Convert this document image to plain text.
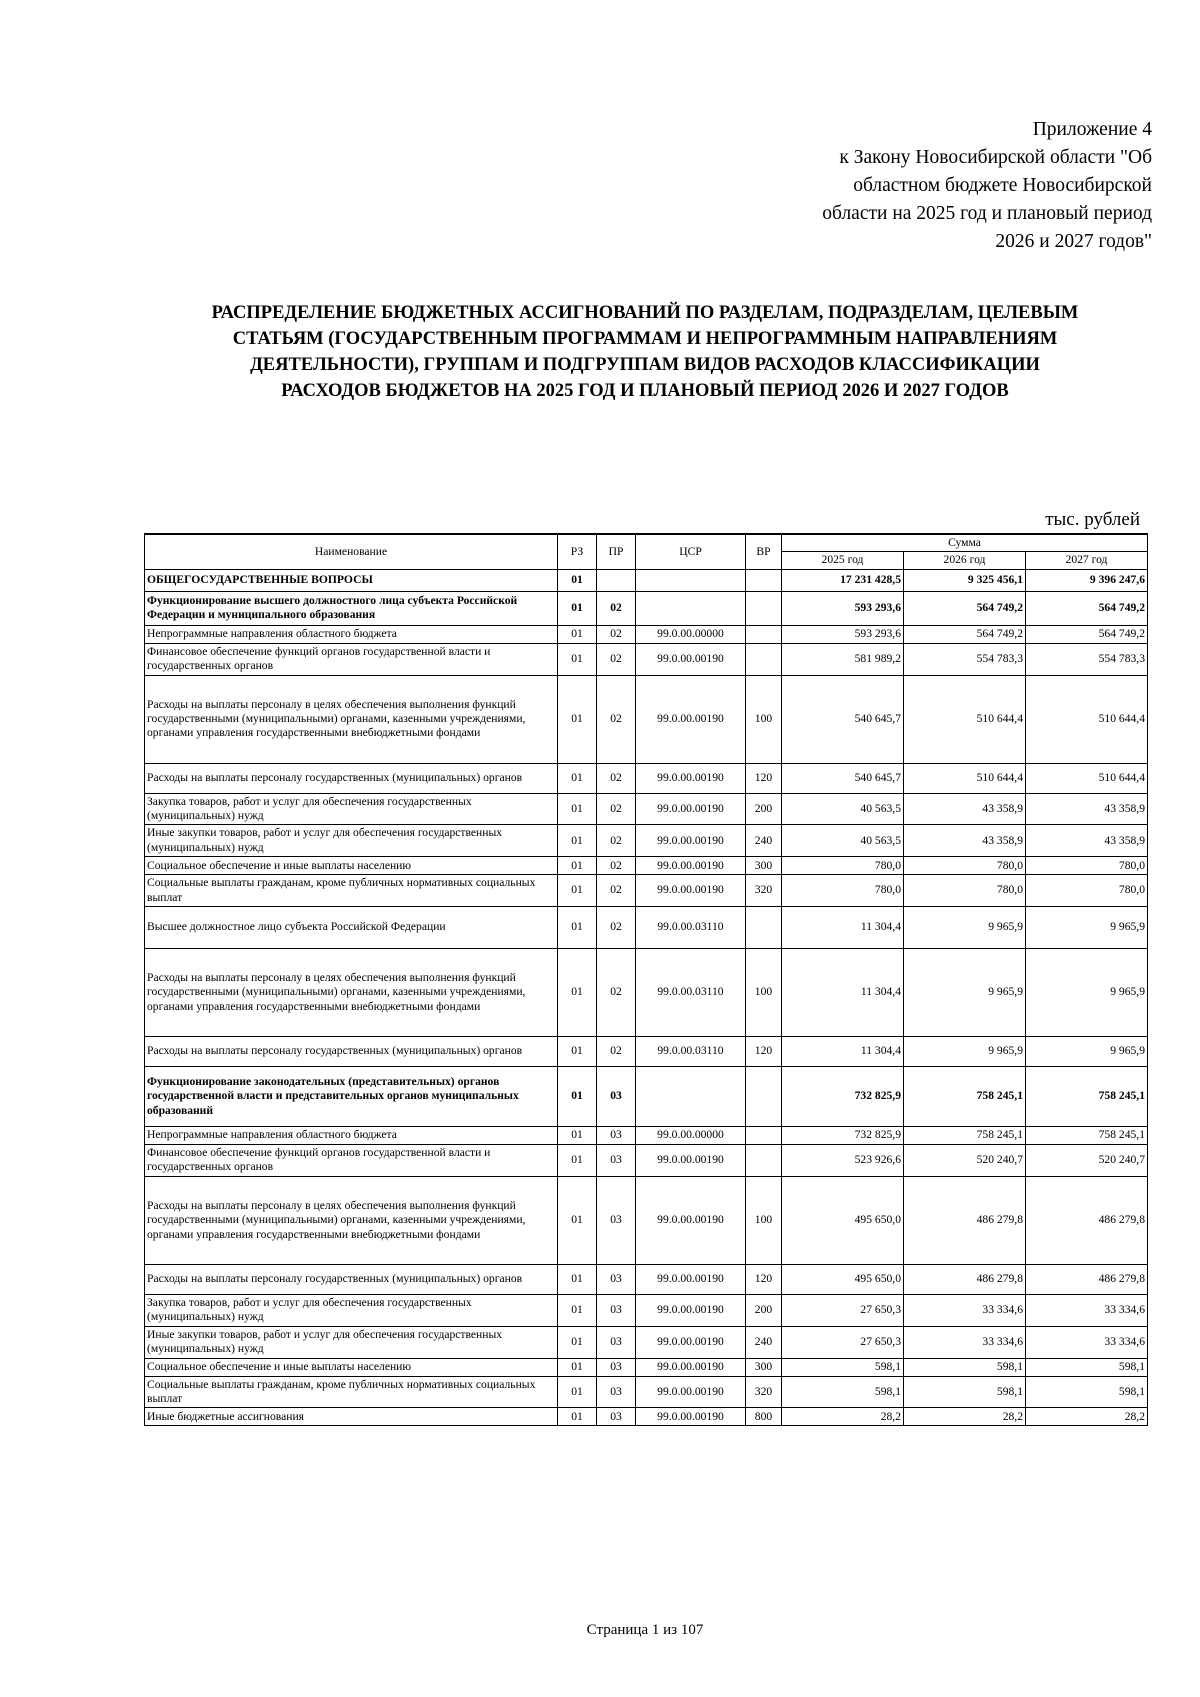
Приложение 4
к Закону Новосибирской области "Об
областном бюджете Новосибирской
области на 2025 год и плановый период
2026 и 2027 годов"
РАСПРЕДЕЛЕНИЕ БЮДЖЕТНЫХ АССИГНОВАНИЙ ПО РАЗДЕЛАМ, ПОДРАЗДЕЛАМ, ЦЕЛЕВЫМ
СТАТЬЯМ (ГОСУДАРСТВЕННЫМ ПРОГРАММАМ И НЕПРОГРАММНЫМ НАПРАВЛЕНИЯМ
ДЕЯТЕЛЬНОСТИ), ГРУППАМ И ПОДГРУППАМ ВИДОВ РАСХОДОВ КЛАССИФИКАЦИИ
РАСХОДОВ БЮДЖЕТОВ НА 2025 ГОД И ПЛАНОВЫЙ ПЕРИОД 2026 И 2027 ГОДОВ
тыс. рублей
Наименование	РЗ	ПР	ЦСР	ВР	Сумма		
					2025 год	2026 год	2027 год
ОБЩЕГОСУДАРСТВЕННЫЕ ВОПРОСЫ	01				17 231 428,5	9 325 456,1	9 396 247,6
Функционирование высшего должностного лица субъекта Российской Федерации и муниципального образования	01	02			593 293,6	564 749,2	564 749,2
Непрограммные направления областного бюджета	01	02	99.0.00.00000		593 293,6	564 749,2	564 749,2
Финансовое обеспечение функций органов государственной власти и государственных органов	01	02	99.0.00.00190		581 989,2	554 783,3	554 783,3
Расходы на выплаты персоналу в целях обеспечения выполнения функций государственными (муниципальными) органами, казенными учреждениями, органами управления государственными внебюджетными фондами	01	02	99.0.00.00190	100	540 645,7	510 644,4	510 644,4
Расходы на выплаты персоналу государственных (муниципальных) органов	01	02	99.0.00.00190	120	540 645,7	510 644,4	510 644,4
Закупка товаров, работ и услуг для обеспечения государственных (муниципальных) нужд	01	02	99.0.00.00190	200	40 563,5	43 358,9	43 358,9
Иные закупки товаров, работ и услуг для обеспечения государственных (муниципальных) нужд	01	02	99.0.00.00190	240	40 563,5	43 358,9	43 358,9
Социальное обеспечение и иные выплаты населению	01	02	99.0.00.00190	300	780,0	780,0	780,0
Социальные выплаты гражданам, кроме публичных нормативных социальных выплат	01	02	99.0.00.00190	320	780,0	780,0	780,0
Высшее должностное лицо субъекта Российской Федерации	01	02	99.0.00.03110		11 304,4	9 965,9	9 965,9
Расходы на выплаты персоналу в целях обеспечения выполнения функций государственными (муниципальными) органами, казенными учреждениями, органами управления государственными внебюджетными фондами	01	02	99.0.00.03110	100	11 304,4	9 965,9	9 965,9
Расходы на выплаты персоналу государственных (муниципальных) органов	01	02	99.0.00.03110	120	11 304,4	9 965,9	9 965,9
Функционирование законодательных (представительных) органов государственной власти и представительных органов муниципальных образований	01	03			732 825,9	758 245,1	758 245,1
Непрограммные направления областного бюджета	01	03	99.0.00.00000		732 825,9	758 245,1	758 245,1
Финансовое обеспечение функций органов государственной власти и государственных органов	01	03	99.0.00.00190		523 926,6	520 240,7	520 240,7
Расходы на выплаты персоналу в целях обеспечения выполнения функций государственными (муниципальными) органами, казенными учреждениями, органами управления государственными внебюджетными фондами	01	03	99.0.00.00190	100	495 650,0	486 279,8	486 279,8
Расходы на выплаты персоналу государственных (муниципальных) органов	01	03	99.0.00.00190	120	495 650,0	486 279,8	486 279,8
Закупка товаров, работ и услуг для обеспечения государственных (муниципальных) нужд	01	03	99.0.00.00190	200	27 650,3	33 334,6	33 334,6
Иные закупки товаров, работ и услуг для обеспечения государственных (муниципальных) нужд	01	03	99.0.00.00190	240	27 650,3	33 334,6	33 334,6
Социальное обеспечение и иные выплаты населению	01	03	99.0.00.00190	300	598,1	598,1	598,1
Социальные выплаты гражданам, кроме публичных нормативных социальных выплат	01	03	99.0.00.00190	320	598,1	598,1	598,1
Иные бюджетные ассигнования	01	03	99.0.00.00190	800	28,2	28,2	28,2
Страница 1 из 107
